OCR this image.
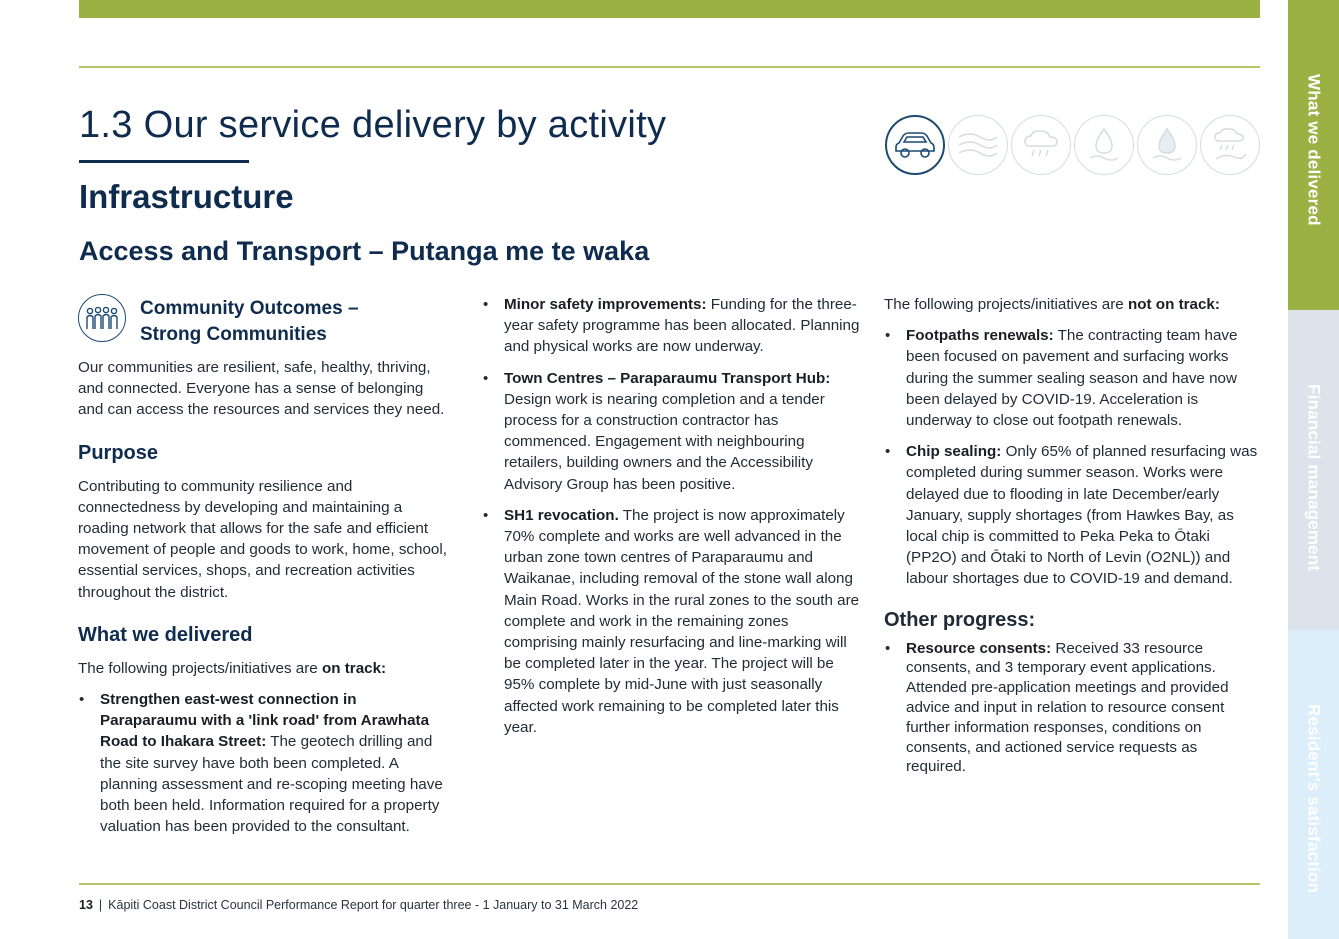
What we delivered
Financial management
Resident’s satisfaction
1.3 Our service delivery by activity
Infrastructure
Access and Transport – Putanga me te waka
Community Outcomes – Strong Communities

Our communities are resilient, safe, healthy, thriving, and connected. Everyone has a sense of belonging and can access the resources and services they need.

Purpose

Contributing to community resilience and connectedness by developing and maintaining a roading network that allows for the safe and efficient movement of people and goods to work, home, school, essential services, shops, and recreation activities throughout the district.

What we delivered

The following projects/initiatives are on track:

• Strengthen east-west connection in Paraparaumu with a 'link road' from Arawhata Road to Ihakara Street: The geotech drilling and the site survey have both been completed. A planning assessment and re-scoping meeting have both been held. Information required for a property valuation has been provided to the consultant.
• Minor safety improvements: Funding for the three-year safety programme has been allocated. Planning and physical works are now underway.
• Town Centres – Paraparaumu Transport Hub: Design work is nearing completion and a tender process for a construction contractor has commenced. Engagement with neighbouring retailers, building owners and the Accessibility Advisory Group has been positive.
• SH1 revocation. The project is now approximately 70% complete and works are well advanced in the urban zone town centres of Paraparaumu and Waikanae, including removal of the stone wall along Main Road. Works in the rural zones to the south are complete and work in the remaining zones comprising mainly resurfacing and line-marking will be completed later in the year. The project will be 95% complete by mid-June with just seasonally affected work remaining to be completed later this year.

The following projects/initiatives are not on track:

• Footpaths renewals: The contracting team have been focused on pavement and surfacing works during the summer sealing season and have now been delayed by COVID-19. Acceleration is underway to close out footpath renewals.
• Chip sealing: Only 65% of planned resurfacing was completed during summer season. Works were delayed due to flooding in late December/early January, supply shortages (from Hawkes Bay, as local chip is committed to Peka Peka to Ōtaki (PP2O) and Ōtaki to North of Levin (O2NL)) and labour shortages due to COVID-19 and demand.
Other progress:
• Resource consents: Received 33 resource consents, and 3 temporary event applications. Attended pre-application meetings and provided advice and input in relation to resource consent further information responses, conditions on consents, and actioned service requests as required.
13 | Kāpiti Coast District Council Performance Report for quarter three - 1 January to 31 March 2022
